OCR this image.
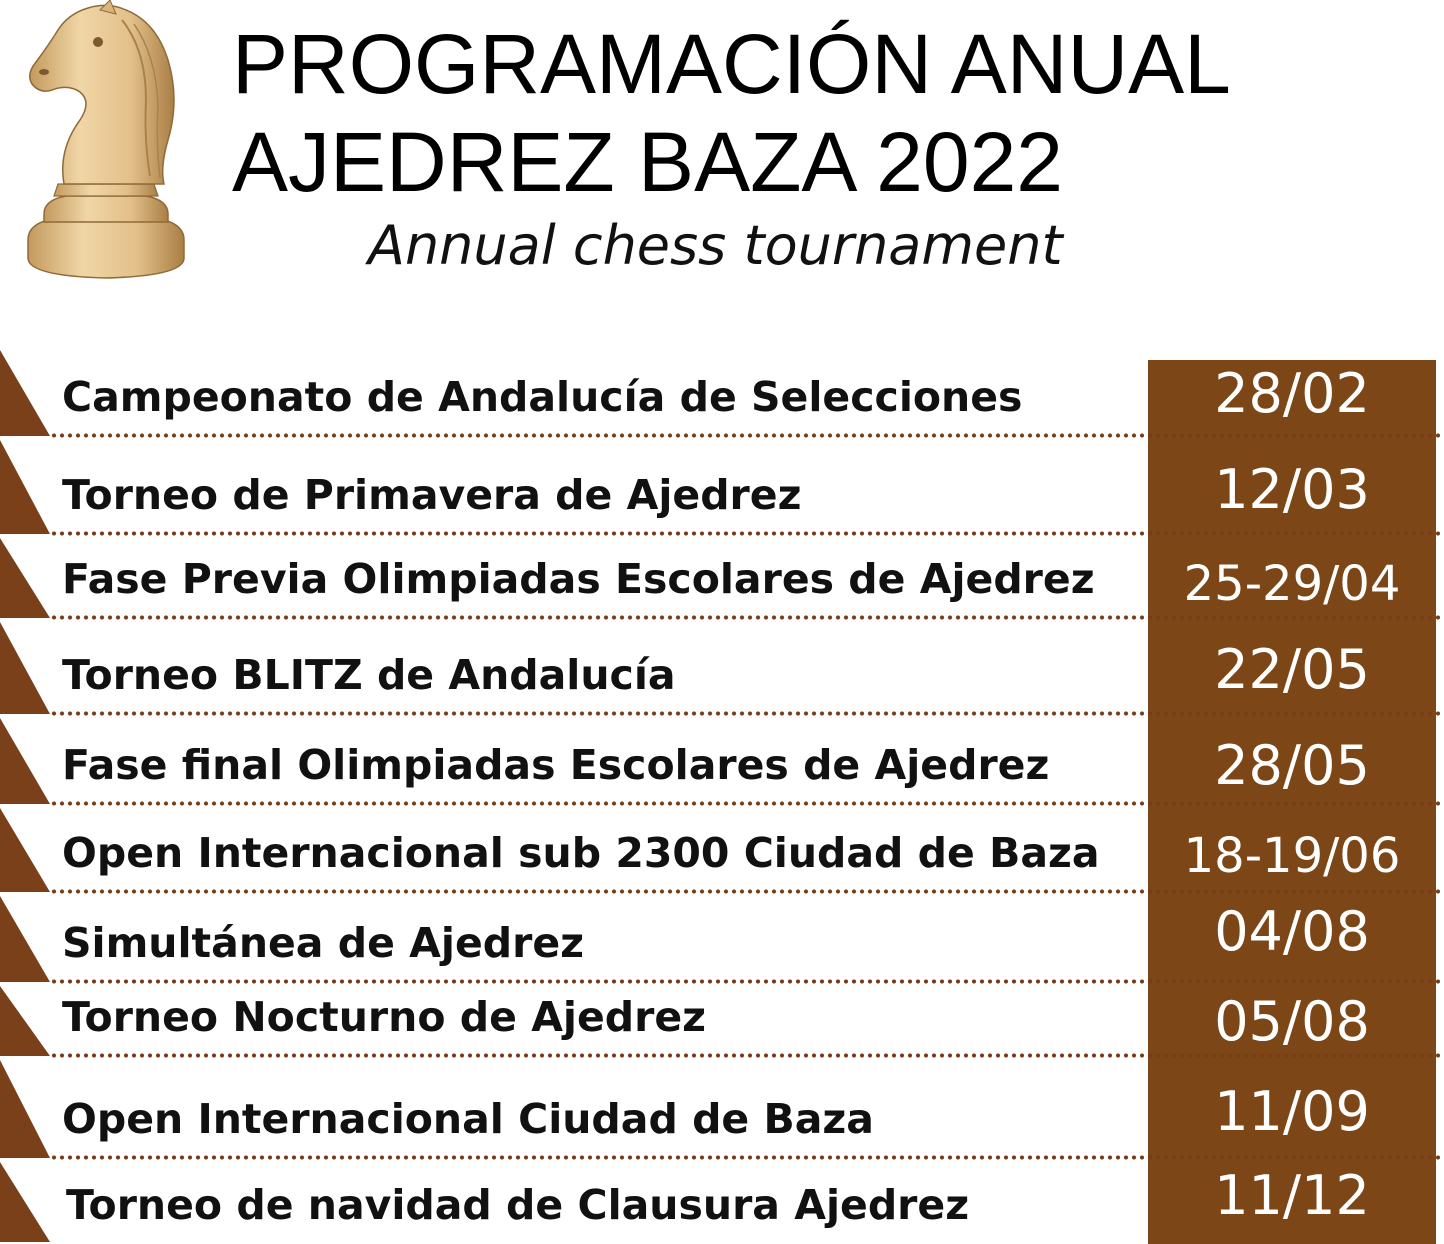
PROGRAMACIÓN ANUAL
AJEDREZ BAZA 2022

Annual chess tournament

Campeonato de Andalucía de Selecciones	28/02
Torneo de Primavera de Ajedrez	12/03
Fase Previa Olimpiadas Escolares de Ajedrez	25-29/04
Torneo BLITZ de Andalucía	22/05
Fase final Olimpiadas Escolares de Ajedrez	28/05
Open Internacional sub 2300 Ciudad de Baza	18-19/06
Simultánea de Ajedrez	04/08
Torneo Nocturno de Ajedrez	05/08
Open Internacional Ciudad de Baza	11/09
Torneo de navidad de Clausura Ajedrez	11/12
